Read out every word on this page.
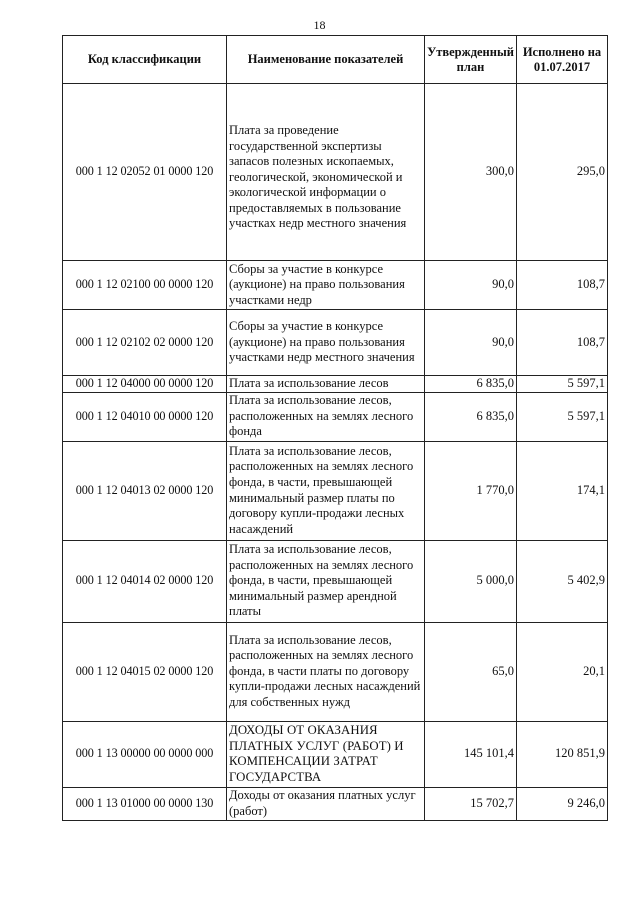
18
Код классификации	Наименование показателей	Утвержденный план	Исполнено на 01.07.2017
000 1 12 02052 01 0000 120	Плата за проведение государственной экспертизы запасов полезных ископаемых, геологической, экономической и экологической информации о предоставляемых в пользование участках недр местного значения	300,0	295,0
000 1 12 02100 00 0000 120	Сборы за участие в конкурсе (аукционе) на право пользования участками недр	90,0	108,7
000 1 12 02102 02 0000 120	Сборы за участие в конкурсе (аукционе) на право пользования участками недр местного значения	90,0	108,7
000 1 12 04000 00 0000 120	Плата за использование лесов	6 835,0	5 597,1
000 1 12 04010 00 0000 120	Плата за использование лесов, расположенных на землях лесного фонда	6 835,0	5 597,1
000 1 12 04013 02 0000 120	Плата за использование лесов, расположенных на землях лесного фонда, в части, превышающей минимальный размер платы по договору купли-продажи лесных насаждений	1 770,0	174,1
000 1 12 04014 02 0000 120	Плата за использование лесов, расположенных на землях лесного фонда, в части, превышающей минимальный размер арендной платы	5 000,0	5 402,9
000 1 12 04015 02 0000 120	Плата за использование лесов, расположенных на землях лесного фонда, в части платы по договору купли-продажи лесных насаждений для собственных нужд	65,0	20,1
000 1 13 00000 00 0000 000	ДОХОДЫ ОТ ОКАЗАНИЯ ПЛАТНЫХ УСЛУГ (РАБОТ) И КОМПЕНСАЦИИ ЗАТРАТ ГОСУДАРСТВА	145 101,4	120 851,9
000 1 13 01000 00 0000 130	Доходы от оказания платных услуг (работ)	15 702,7	9 246,0
